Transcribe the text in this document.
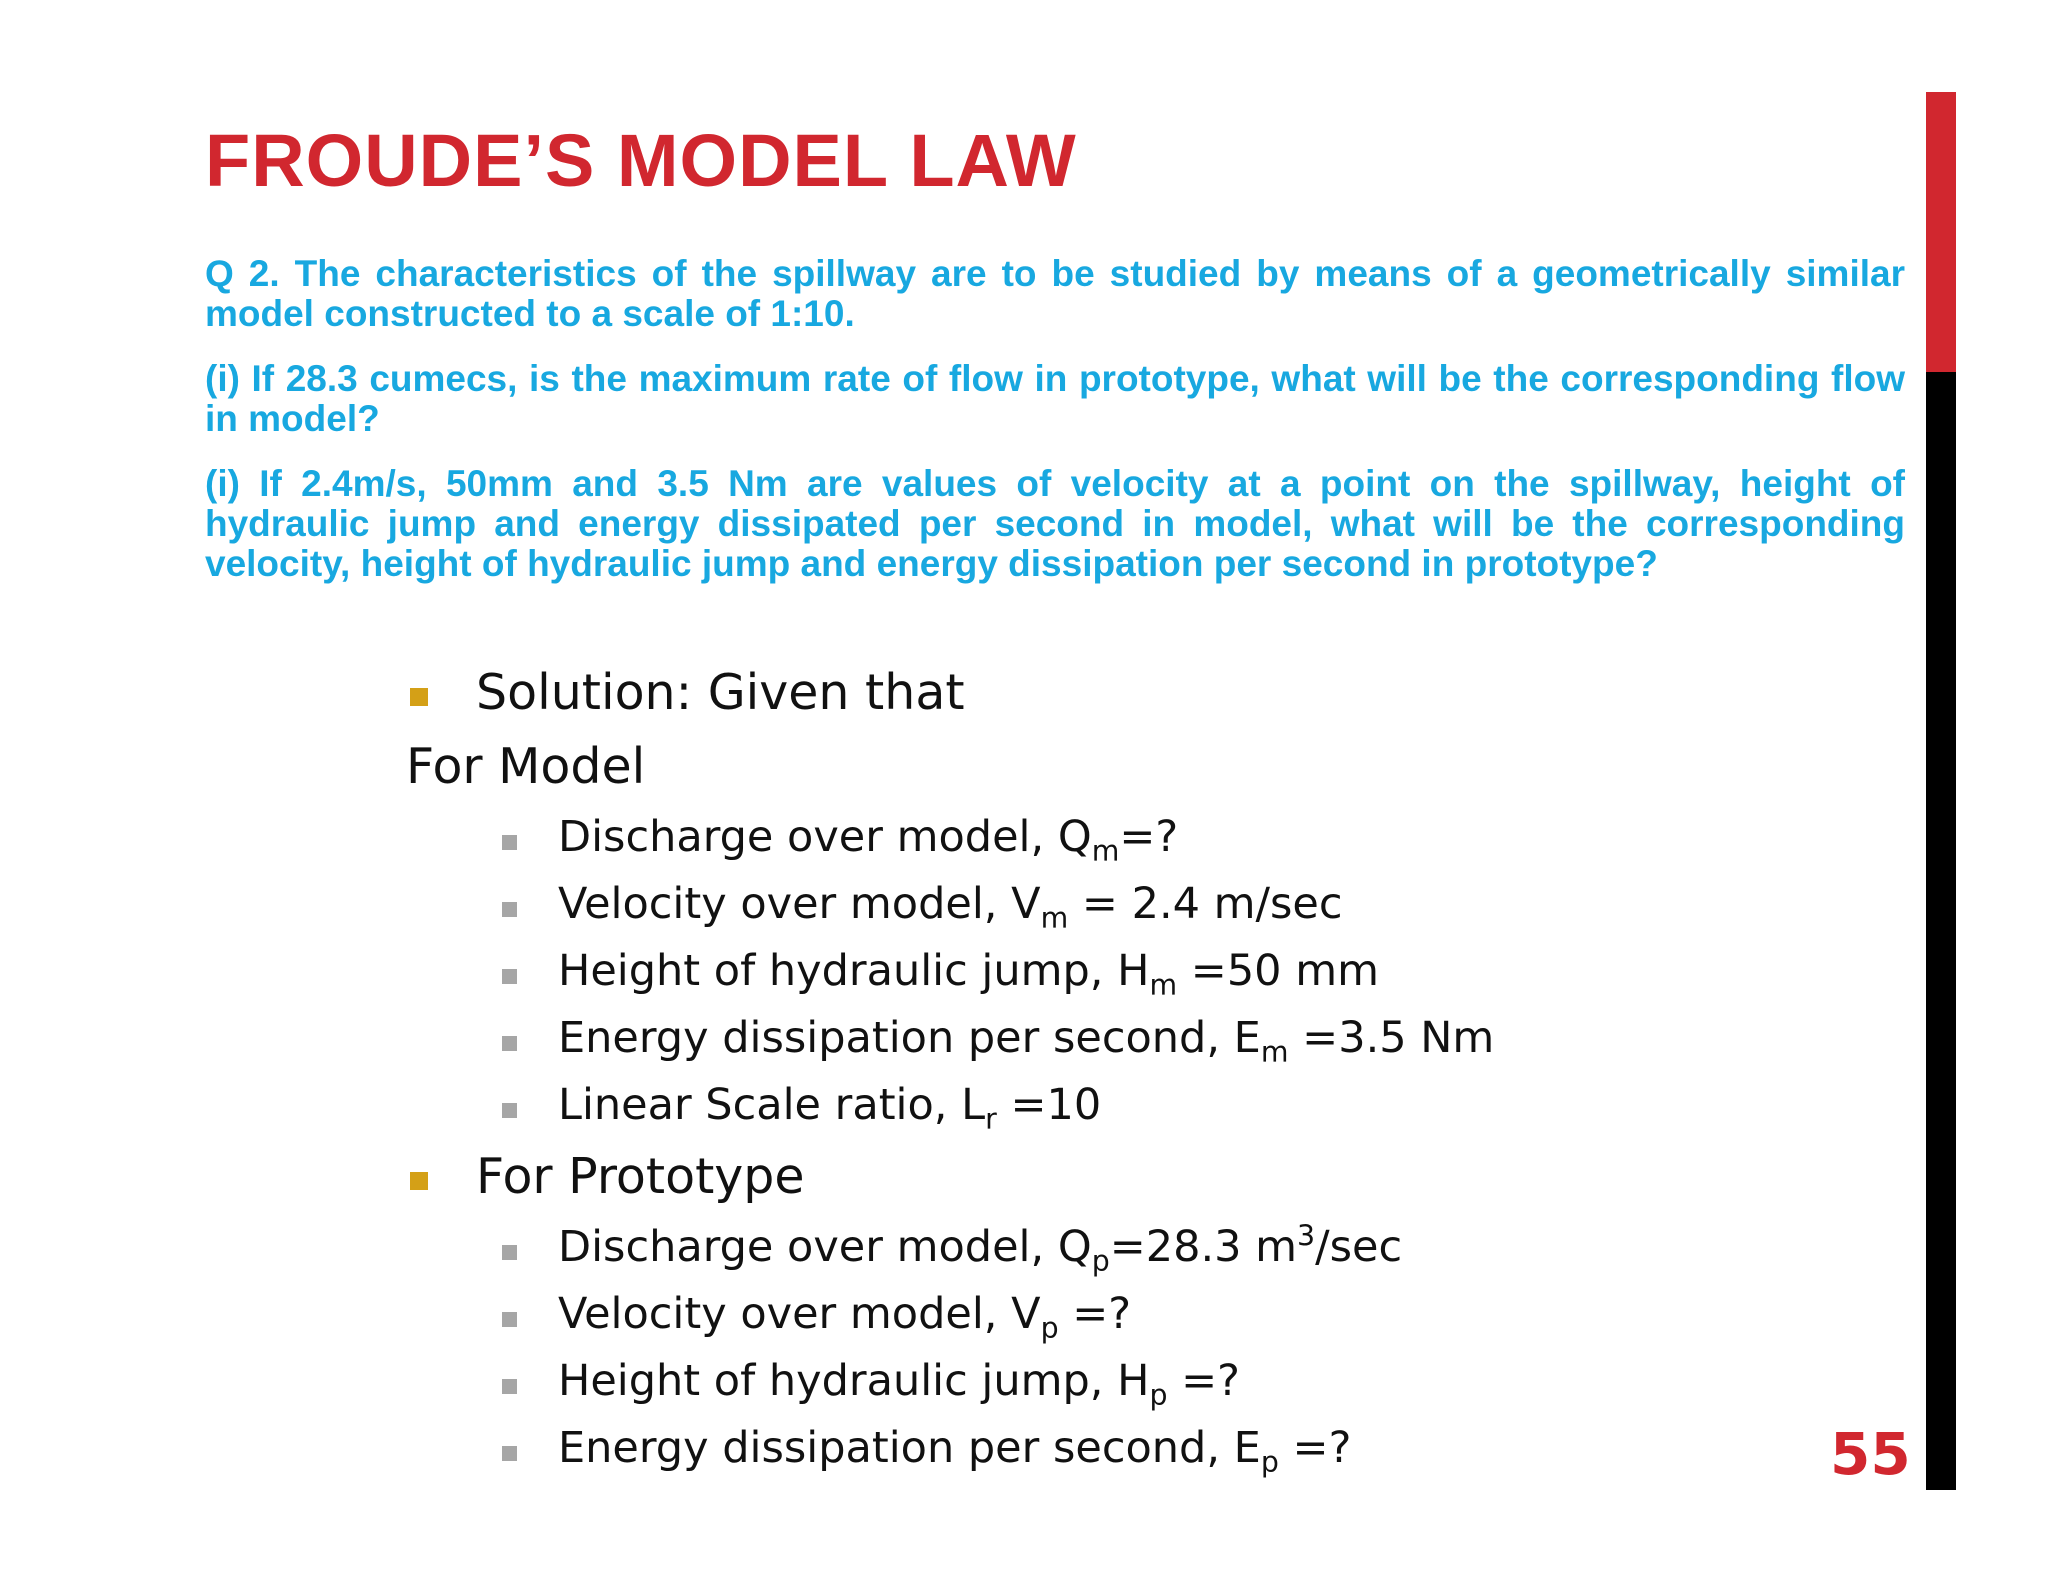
FROUDE’S MODEL LAW

Q 2. The characteristics of the spillway are to be studied by means of a geometrically similar model constructed to a scale of 1:10.

(i) If 28.3 cumecs, is the maximum rate of flow in prototype, what will be the corresponding flow in model?

(i) If 2.4m/s, 50mm and 3.5 Nm are values of velocity at a point on the spillway, height of hydraulic jump and energy dissipated per second in model, what will be the corresponding velocity, height of hydraulic jump and energy dissipation per second in prototype?

Solution: Given that
For Model
Discharge over model, $Q_m=$?
Velocity over model, $V_m = 2.4$ m/sec
Height of hydraulic jump, $H_m =50$ mm
Energy dissipation per second, $E_m =3.5$ Nm
Linear Scale ratio, $L_r =10$
For Prototype
Discharge over model, $Q_p=28.3$ $m^3/\sec$
Velocity over model, $V_p$ =?
Height of hydraulic jump, $H_p$ =?
Energy dissipation per second, $E_p$ =?	55
